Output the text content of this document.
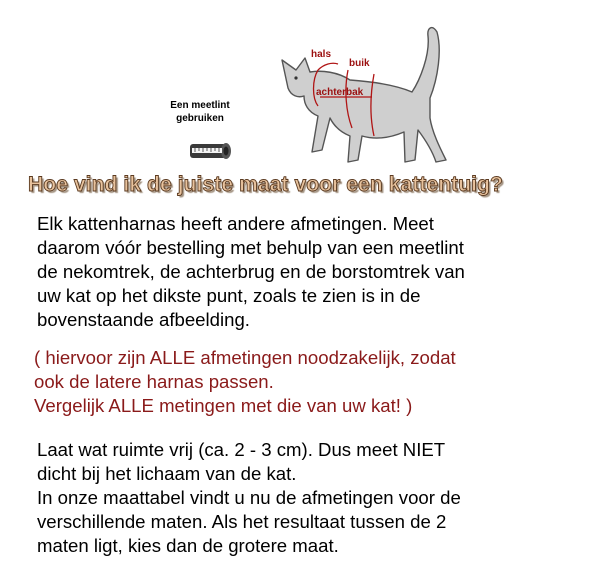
hals
buik
achterbak
Een meetlint
gebruiken
Hoe vind ik de juiste maat voor een kattentuig?
Elk kattenharnas heeft andere afmetingen. Meet
daarom vóór bestelling met behulp van een meetlint
de nekomtrek, de achterbrug en de borstomtrek van
uw kat op het dikste punt, zoals te zien is in de
bovenstaande afbeelding.
( hiervoor zijn ALLE afmetingen noodzakelijk, zodat
ook de latere harnas passen.
Vergelijk ALLE metingen met die van uw kat! )
Laat wat ruimte vrij (ca. 2 - 3 cm). Dus meet NIET
dicht bij het lichaam van de kat.
In onze maattabel vindt u nu de afmetingen voor de
verschillende maten. Als het resultaat tussen de 2
maten ligt, kies dan de grotere maat.
